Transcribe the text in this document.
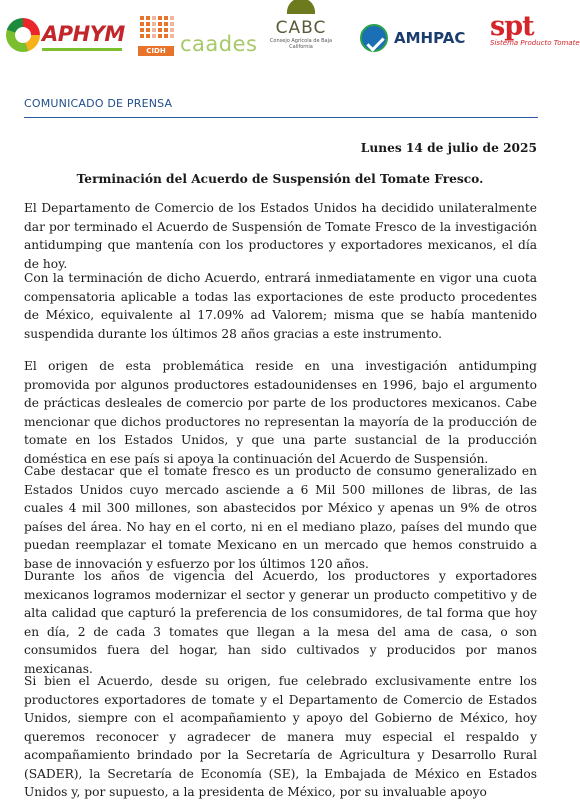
APHYM
CIDH caades
CABC
Consejo Agrícola de Baja California	AMHPAC spt
Sistema Producto Tomate
COMUNICADO DE PRENSA
Lunes 14 de julio de 2025
Terminación del Acuerdo de Suspensión del Tomate Fresco.

El Departamento de Comercio de los Estados Unidos ha decidido unilateralmente dar por terminado el Acuerdo de Suspensión de Tomate Fresco de la investigación antidumping que mantenía con los productores y exportadores mexicanos, el día de hoy.

Con la terminación de dicho Acuerdo, entrará inmediatamente en vigor una cuota compensatoria aplicable a todas las exportaciones de este producto procedentes de México, equivalente al 17.09% ad Valorem; misma que se había mantenido suspendida durante los últimos 28 años gracias a este instrumento.

El origen de esta problemática reside en una investigación antidumping promovida por algunos productores estadounidenses en 1996, bajo el argumento de prácticas desleales de comercio por parte de los productores mexicanos. Cabe mencionar que dichos productores no representan la mayoría de la producción de tomate en los Estados Unidos, y que una parte sustancial de la producción doméstica en ese país si apoya la continuación del Acuerdo de Suspensión.

Cabe destacar que el tomate fresco es un producto de consumo generalizado en Estados Unidos cuyo mercado asciende a 6 Mil 500 millones de libras, de las cuales 4 mil 300 millones, son abastecidos por México y apenas un 9% de otros países del área. No hay en el corto, ni en el mediano plazo, países del mundo que puedan reemplazar el tomate Mexicano en un mercado que hemos construido a base de innovación y esfuerzo por los últimos 120 años.

Durante los años de vigencia del Acuerdo, los productores y exportadores mexicanos logramos modernizar el sector y generar un producto competitivo y de alta calidad que capturó la preferencia de los consumidores, de tal forma que hoy en día, 2 de cada 3 tomates que llegan a la mesa del ama de casa, o son consumidos fuera del hogar, han sido cultivados y producidos por manos mexicanas.

Si bien el Acuerdo, desde su origen, fue celebrado exclusivamente entre los productores exportadores de tomate y el Departamento de Comercio de Estados Unidos, siempre con el acompañamiento y apoyo del Gobierno de México, hoy queremos reconocer y agradecer de manera muy especial el respaldo y acompañamiento brindado por la Secretaría de Agricultura y Desarrollo Rural (SADER), la Secretaría de Economía (SE), la Embajada de México en Estados Unidos y, por supuesto, a la presidenta de México, por su invaluable apoyo
